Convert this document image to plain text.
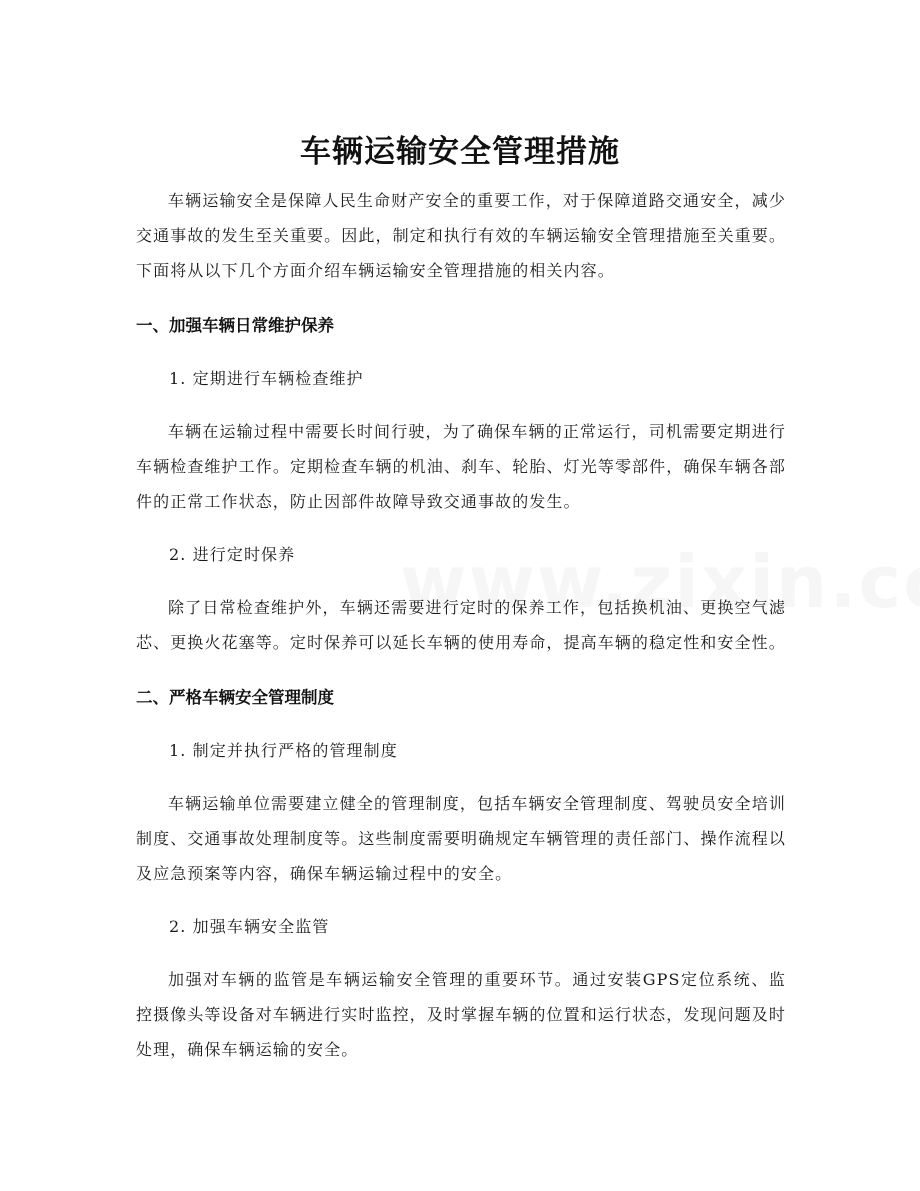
车辆运输安全管理措施

车辆运输安全是保障人民生命财产安全的重要工作，对于保障道路交通安全，减少交通事故的发生至关重要。因此，制定和执行有效的车辆运输安全管理措施至关重要。下面将从以下几个方面介绍车辆运输安全管理措施的相关内容。

一、加强车辆日常维护保养

1. 定期进行车辆检查维护

车辆在运输过程中需要长时间行驶，为了确保车辆的正常运行，司机需要定期进行车辆检查维护工作。定期检查车辆的机油、刹车、轮胎、灯光等零部件，确保车辆各部件的正常工作状态，防止因部件故障导致交通事故的发生。

2. 进行定时保养

除了日常检查维护外，车辆还需要进行定时的保养工作，包括换机油、更换空气滤芯、更换火花塞等。定时保养可以延长车辆的使用寿命，提高车辆的稳定性和安全性。

二、严格车辆安全管理制度

1. 制定并执行严格的管理制度

车辆运输单位需要建立健全的管理制度，包括车辆安全管理制度、驾驶员安全培训制度、交通事故处理制度等。这些制度需要明确规定车辆管理的责任部门、操作流程以及应急预案等内容，确保车辆运输过程中的安全。

2. 加强车辆安全监管

加强对车辆的监管是车辆运输安全管理的重要环节。通过安装GPS定位系统、监控摄像头等设备对车辆进行实时监控，及时掌握车辆的位置和运行状态，发现问题及时处理，确保车辆运输的安全。
